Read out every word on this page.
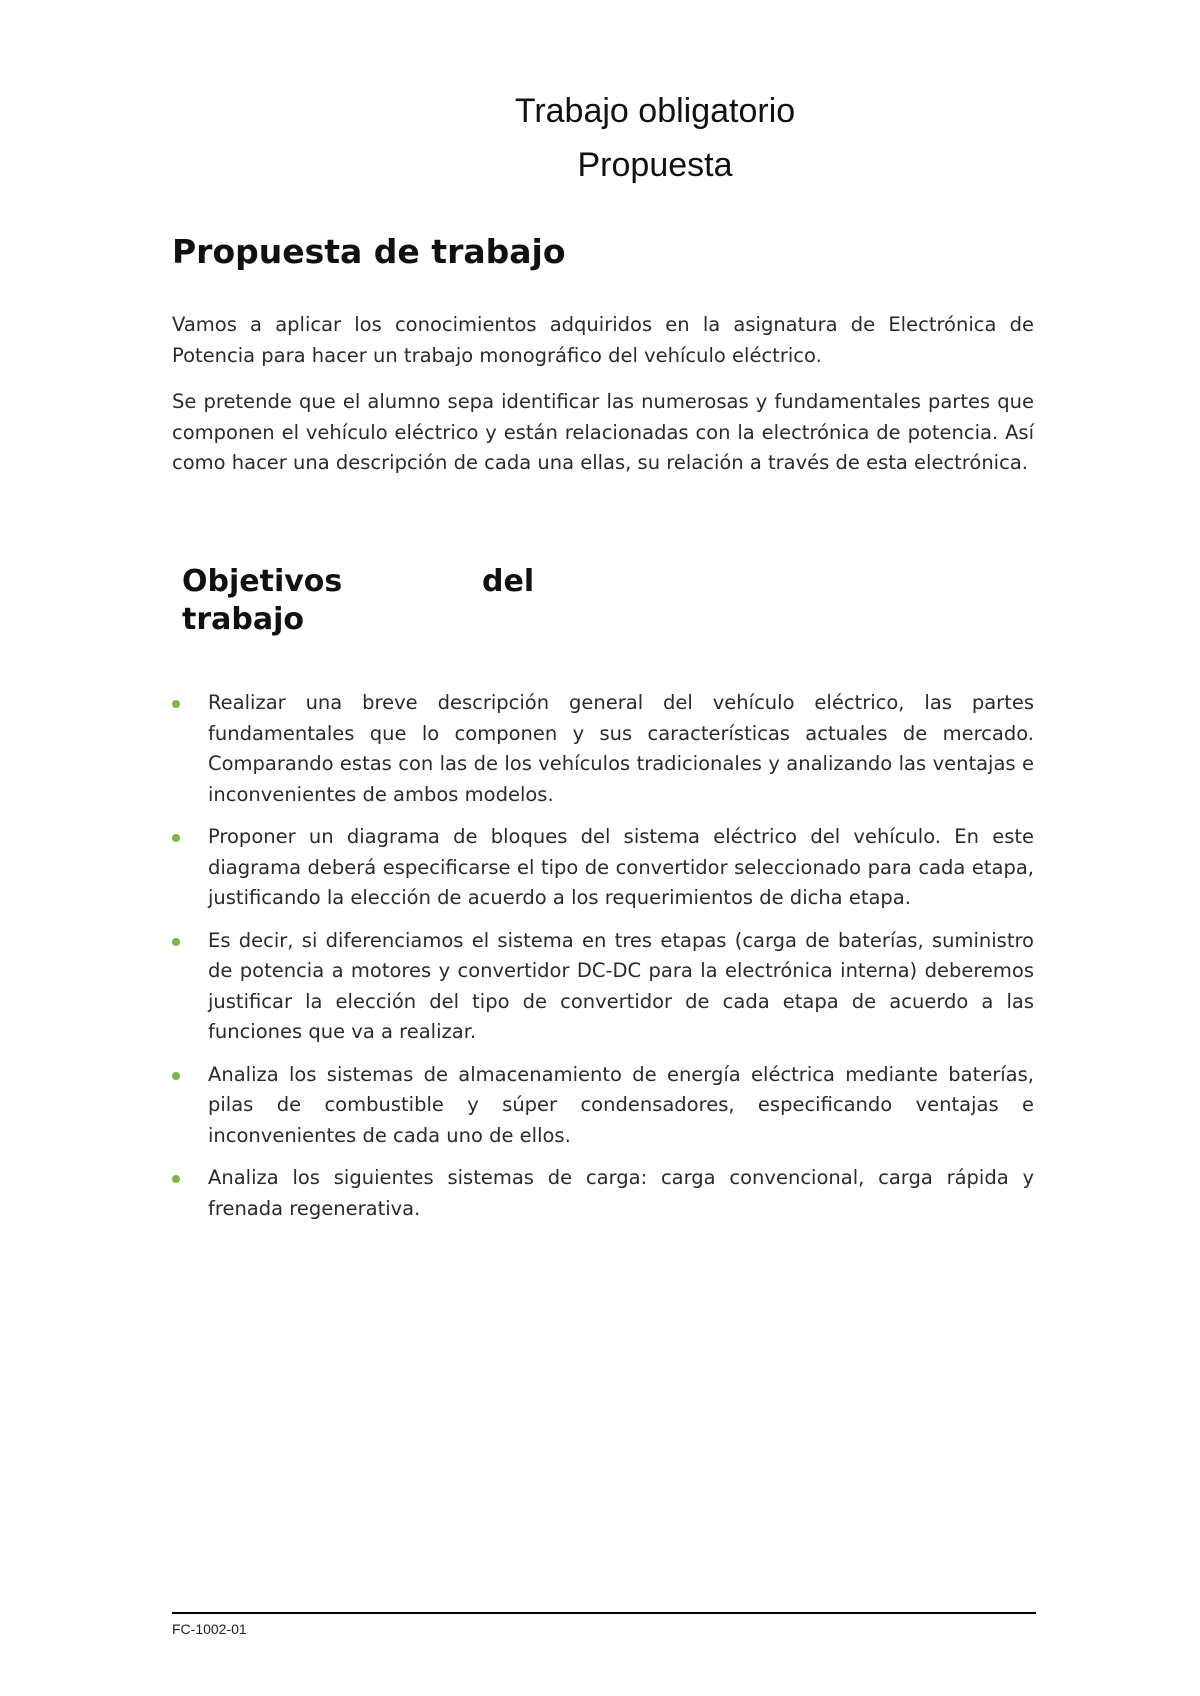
Trabajo obligatorio
Propuesta
Propuesta de trabajo

Vamos a aplicar los conocimientos adquiridos en la asignatura de Electrónica de Potencia para hacer un trabajo monográfico del vehículo eléctrico.

Se pretende que el alumno sepa identificar las numerosas y fundamentales partes que componen el vehículo eléctrico y están relacionadas con la electrónica de potencia. Así como hacer una descripción de cada una ellas, su relación a través de esta electrónica.

Objetivos	del
trabajo
Realizar una breve descripción general del vehículo eléctrico, las partes fundamentales que lo componen y sus características actuales de mercado. Comparando estas con las de los vehículos tradicionales y analizando las ventajas e inconvenientes de ambos modelos.
Proponer un diagrama de bloques del sistema eléctrico del vehículo. En este diagrama deberá especificarse el tipo de convertidor seleccionado para cada etapa, justificando la elección de acuerdo a los requerimientos de dicha etapa.
Es decir, si diferenciamos el sistema en tres etapas (carga de baterías, suministro de potencia a motores y convertidor DC-DC para la electrónica interna) deberemos justificar la elección del tipo de convertidor de cada etapa de acuerdo a las funciones que va a realizar.
Analiza los sistemas de almacenamiento de energía eléctrica mediante baterías, pilas de combustible y súper condensadores, especificando ventajas e inconvenientes de cada uno de ellos.
Analiza los siguientes sistemas de carga: carga convencional, carga rápida y frenada regenerativa.
FC-1002-01
